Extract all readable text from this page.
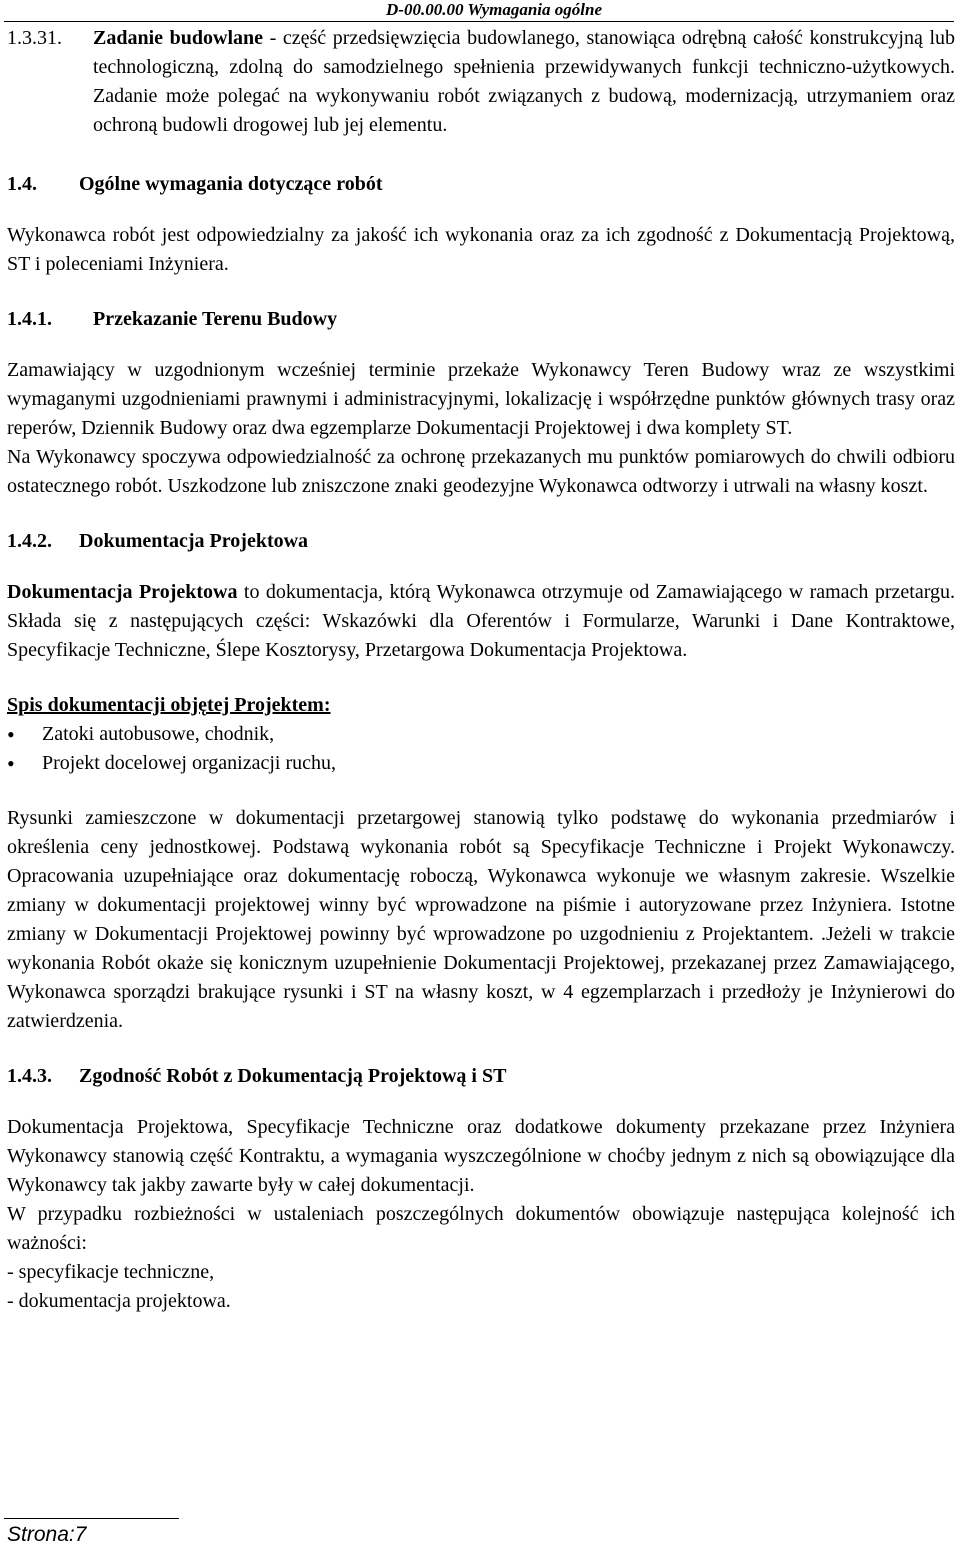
D-00.00.00 Wymagania ogólne
1.3.31.	Zadanie budowlane - część przedsięwzięcia budowlanego, stanowiąca odrębną całość konstrukcyjną lub technologiczną, zdolną do samodzielnego spełnienia przewidywanych funkcji techniczno-użytkowych. Zadanie może polegać na wykonywaniu robót związanych z budową, modernizacją, utrzymaniem oraz ochroną budowli drogowej lub jej elementu.
1.4.	Ogólne wymagania dotyczące robót

Wykonawca robót jest odpowiedzialny za jakość ich wykonania oraz za ich zgodność z Dokumentacją Projektową, ST i poleceniami Inżyniera.

1.4.1.	Przekazanie Terenu Budowy

Zamawiający w uzgodnionym wcześniej terminie przekaże Wykonawcy Teren Budowy wraz ze wszystkimi wymaganymi uzgodnieniami prawnymi i administracyjnymi, lokalizację i współrzędne punktów głównych trasy oraz reperów, Dziennik Budowy oraz dwa egzemplarze Dokumentacji Projektowej i dwa komplety ST.

Na Wykonawcy spoczywa odpowiedzialność za ochronę przekazanych mu punktów pomiarowych do chwili odbioru ostatecznego robót. Uszkodzone lub zniszczone znaki geodezyjne Wykonawca odtworzy i utrwali na własny koszt.

1.4.2.	Dokumentacja Projektowa

Dokumentacja Projektowa to dokumentacja, którą Wykonawca otrzymuje od Zamawiającego w ramach przetargu. Składa się z następujących części: Wskazówki dla Oferentów i Formularze, Warunki i Dane Kontraktowe, Specyfikacje Techniczne, Ślepe Kosztorysy, Przetargowa Dokumentacja Projektowa.

Spis dokumentacji objętej Projektem:
•	Zatoki autobusowe, chodnik,
•	Projekt docelowej organizacji ruchu,

Rysunki zamieszczone w dokumentacji przetargowej stanowią tylko podstawę do wykonania przedmiarów i określenia ceny jednostkowej. Podstawą wykonania robót są Specyfikacje Techniczne i Projekt Wykonawczy. Opracowania uzupełniające oraz dokumentację roboczą, Wykonawca wykonuje we własnym zakresie. Wszelkie zmiany w dokumentacji projektowej winny być wprowadzone na piśmie i autoryzowane przez Inżyniera. Istotne zmiany w Dokumentacji Projektowej powinny być wprowadzone po uzgodnieniu z Projektantem. .Jeżeli w trakcie wykonania Robót okaże się konicznym uzupełnienie Dokumentacji Projektowej, przekazanej przez Zamawiającego, Wykonawca sporządzi brakujące rysunki i ST na własny koszt, w 4 egzemplarzach i przedłoży je Inżynierowi do zatwierdzenia.

1.4.3.	Zgodność Robót z Dokumentacją Projektową i ST

Dokumentacja Projektowa, Specyfikacje Techniczne oraz dodatkowe dokumenty przekazane przez Inżyniera Wykonawcy stanowią część Kontraktu, a wymagania wyszczególnione w choćby jednym z nich są obowiązujące dla Wykonawcy tak jakby zawarte były w całej dokumentacji.

W przypadku rozbieżności w ustaleniach poszczególnych dokumentów obowiązuje następująca kolejność ich ważności:

- specyfikacje techniczne,
- dokumentacja projektowa.
Strona:7
